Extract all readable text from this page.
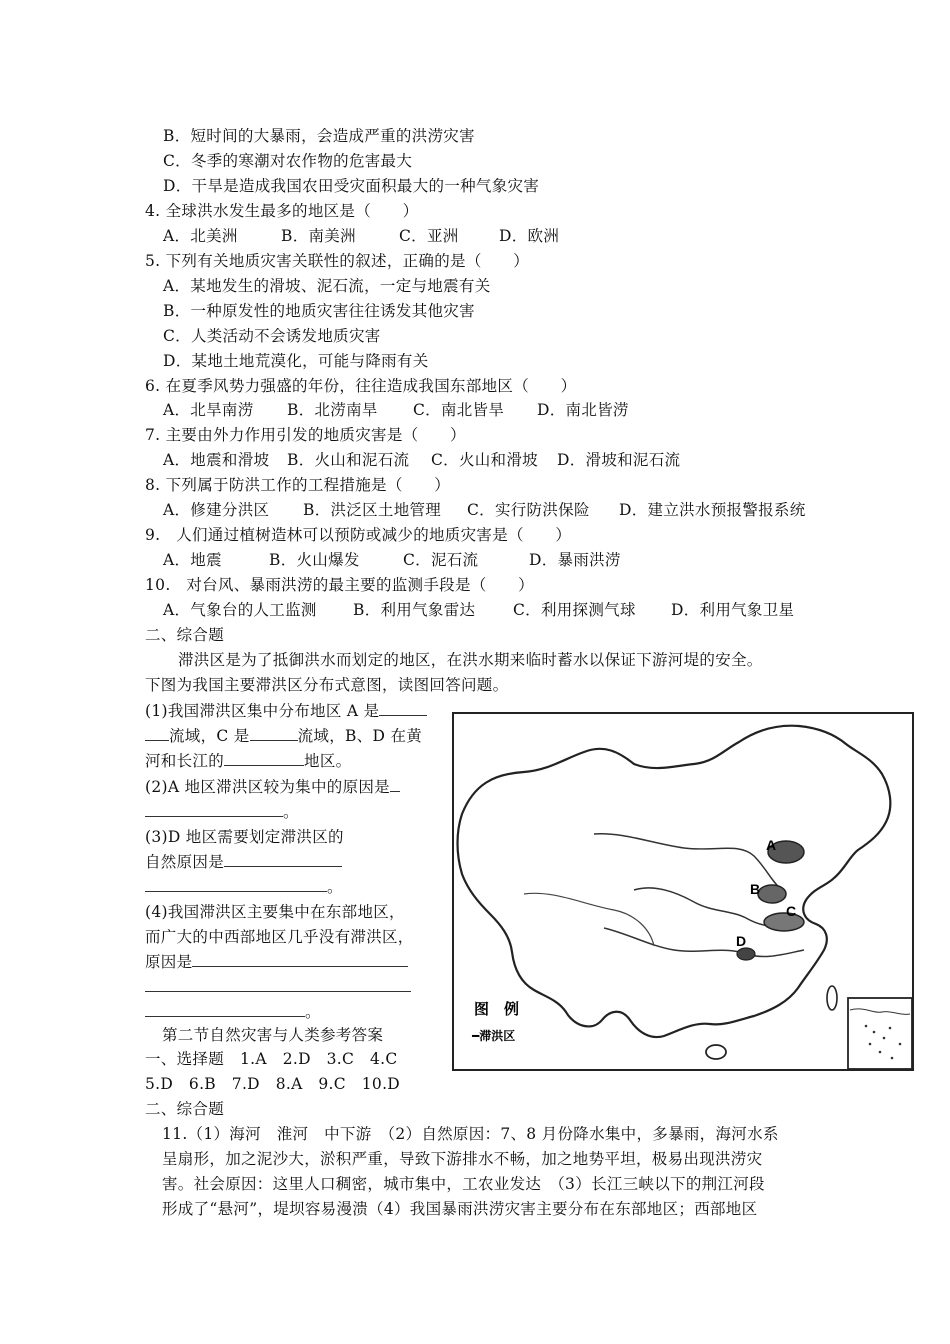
B．短时间的大暴雨，会造成严重的洪涝灾害
C．冬季的寒潮对农作物的危害最大
D．干旱是造成我国农田受灾面积最大的一种气象灾害
4. 全球洪水发生最多的地区是（　　）
A．北美洲	B．南美洲	C．亚洲	D．欧洲
5. 下列有关地质灾害关联性的叙述，正确的是（　　）
A．某地发生的滑坡、泥石流，一定与地震有关
B．一种原发性的地质灾害往往诱发其他灾害
C．人类活动不会诱发地质灾害
D．某地土地荒漠化，可能与降雨有关
6. 在夏季风势力强盛的年份，往往造成我国东部地区（　　）
A．北旱南涝 B．北涝南旱 C．南北皆旱 D．南北皆涝
7. 主要由外力作用引发的地质灾害是（　　）
A．地震和滑坡 B．火山和泥石流 C．火山和滑坡 D．滑坡和泥石流
8. 下列属于防洪工作的工程措施是（　　）
A．修建分洪区 B．洪泛区土地管理 C．实行防洪保险 D．建立洪水预报警报系统
9.　人们通过植树造林可以预防或减少的地质灾害是（　　）
A．地震	B．火山爆发	C．泥石流	D．暴雨洪涝
10.　对台风、暴雨洪涝的最主要的监测手段是（　　）
A．气象台的人工监测 B．利用气象雷达 C．利用探测气球 D．利用气象卫星
二、综合题
滞洪区是为了抵御洪水而划定的地区，在洪水期来临时蓄水以保证下游河堤的安全。
下图为我国主要滞洪区分布式意图，读图回答问题。
(1)我国滞洪区集中分布地区 A 是
流域，C 是	流域，B、D 在黄
河和长江的	地区。
(2)A 地区滞洪区较为集中的原因是
。
(3)D 地区需要划定滞洪区的
自然原因是
。
(4)我国滞洪区主要集中在东部地区，
而广大的中西部地区几乎没有滞洪区，
原因是
。
A
B
C
D
图　例
━滞洪区
第二节自然灾害与人类参考答案
一、选择题 1.A　2.D　3.C　4.C
5.D　6.B　7.D　8.A　9.C　10.D
二、综合题
11.（1）海河　淮河　中下游　（2）自然原因：7、8 月份降水集中，多暴雨，海河水系
呈扇形，加之泥沙大，淤积严重，导致下游排水不畅，加之地势平坦，极易出现洪涝灾
害。社会原因：这里人口稠密，城市集中，工农业发达　（3）长江三峡以下的荆江河段
形成了“悬河”，堤坝容易漫溃（4）我国暴雨洪涝灾害主要分布在东部地区；西部地区
